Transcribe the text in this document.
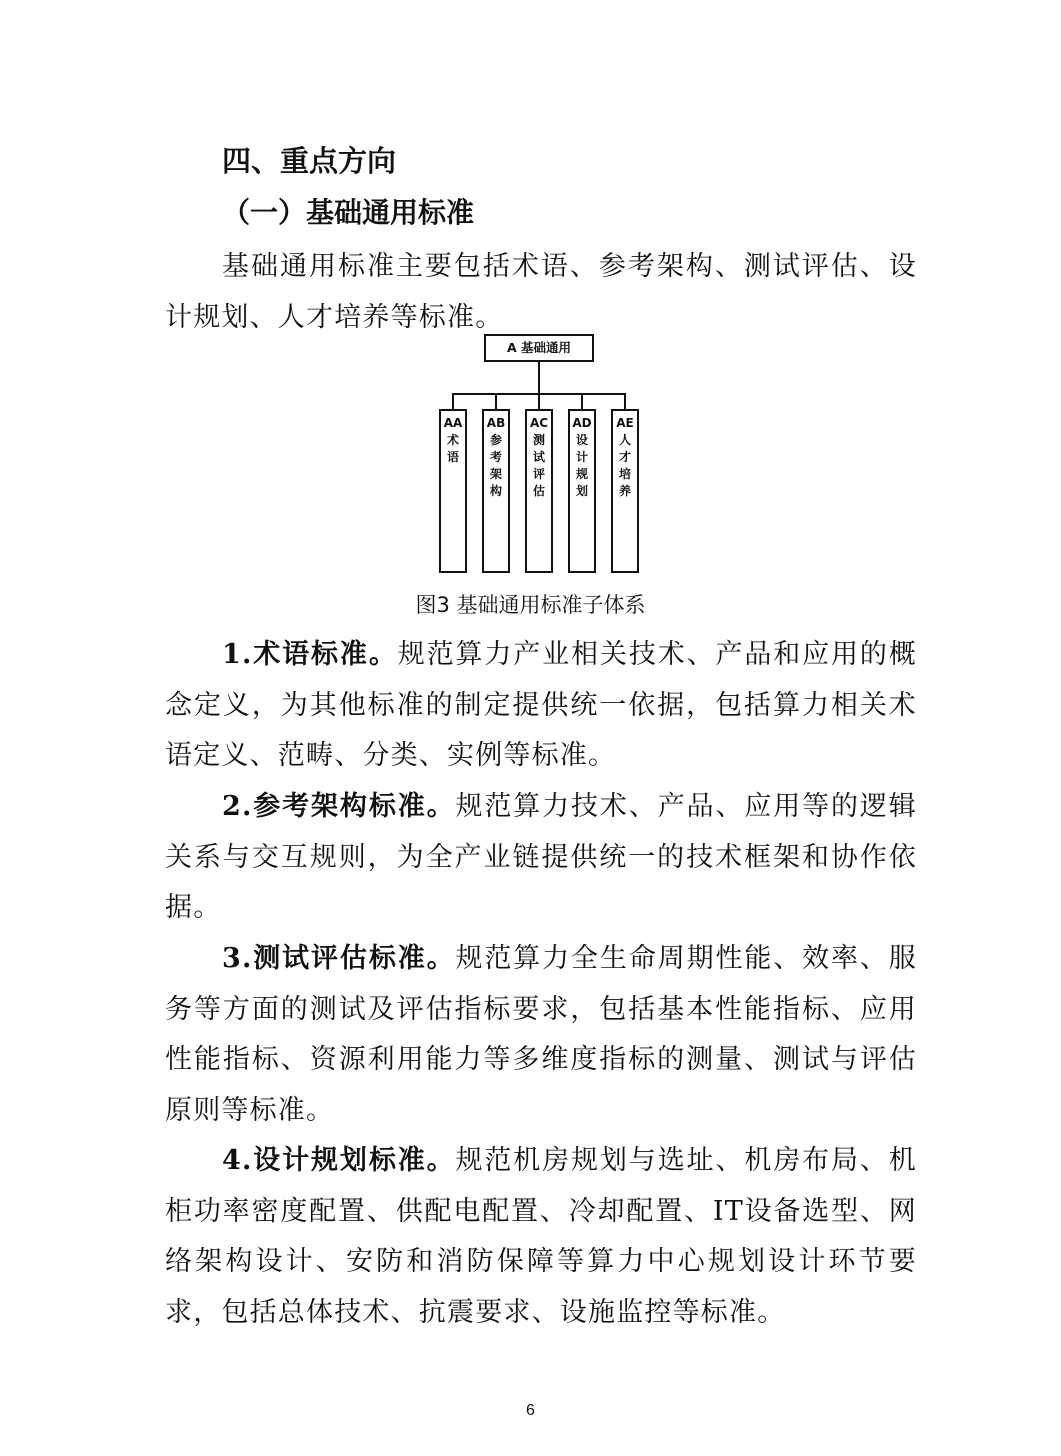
四、重点方向
（一）基础通用标准

基础通用标准主要包括术语、参考架构、测试评估、设计规划、人才培养等标准。

A 基础通用
AA
术
语
AB
参
考
架
构
AC
测
试
评
估
AD
设
计
规
划
AE
人
才
培
养
图3 基础通用标准子体系

1.术语标准。规范算力产业相关技术、产品和应用的概念定义，为其他标准的制定提供统一依据，包括算力相关术语定义、范畴、分类、实例等标准。

2.参考架构标准。规范算力技术、产品、应用等的逻辑关系与交互规则，为全产业链提供统一的技术框架和协作依据。

3.测试评估标准。规范算力全生命周期性能、效率、服务等方面的测试及评估指标要求，包括基本性能指标、应用性能指标、资源利用能力等多维度指标的测量、测试与评估原则等标准。

4.设计规划标准。规范机房规划与选址、机房布局、机柜功率密度配置、供配电配置、冷却配置、IT设备选型、网络架构设计、安防和消防保障等算力中心规划设计环节要求，包括总体技术、抗震要求、设施监控等标准。

6
